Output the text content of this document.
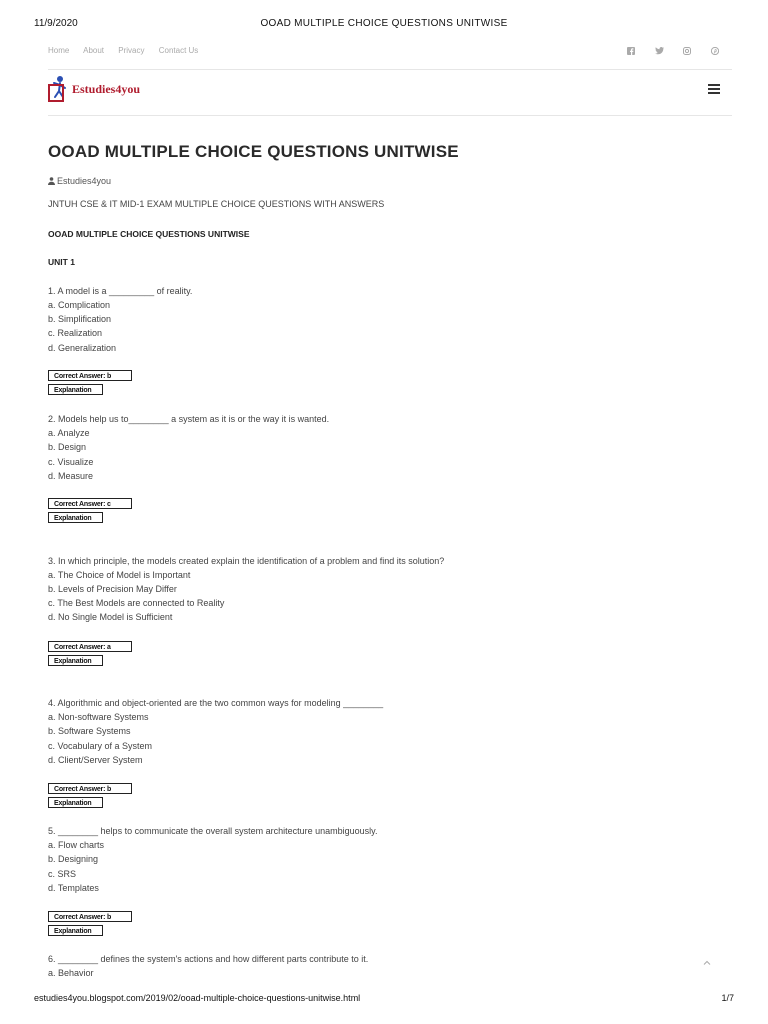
11/9/2020	OOAD MULTIPLE CHOICE QUESTIONS UNITWISE
Home About Privacy Contact Us
Estudies4you
OOAD MULTIPLE CHOICE QUESTIONS UNITWISE
Estudies4you
JNTUH CSE & IT MID-1 EXAM MULTIPLE CHOICE QUESTIONS WITH ANSWERS
OOAD MULTIPLE CHOICE QUESTIONS UNITWISE
UNIT 1
1. A model is a _________ of reality.
a. Complication
b. Simplification
c. Realization
d. Generalization
Correct Answer: b
Explanation
2. Models help us to________ a system as it is or the way it is wanted.
a. Analyze
b. Design
c. Visualize
d. Measure
Correct Answer: c
Explanation
3. In which principle, the models created explain the identification of a problem and find its solution?
a. The Choice of Model is Important
b. Levels of Precision May Differ
c. The Best Models are connected to Reality
d. No Single Model is Sufficient
Correct Answer: a
Explanation
4. Algorithmic and object-oriented are the two common ways for modeling ________
a. Non-software Systems
b. Software Systems
c. Vocabulary of a System
d. Client/Server System
Correct Answer: b
Explanation
5. ________ helps to communicate the overall system architecture unambiguously.
a. Flow charts
b. Designing
c. SRS
d. Templates
Correct Answer: b
Explanation
6. ________ defines the system's actions and how different parts contribute to it.
a. Behavior
estudies4you.blogspot.com/2019/02/ooad-multiple-choice-questions-unitwise.html	1/7
